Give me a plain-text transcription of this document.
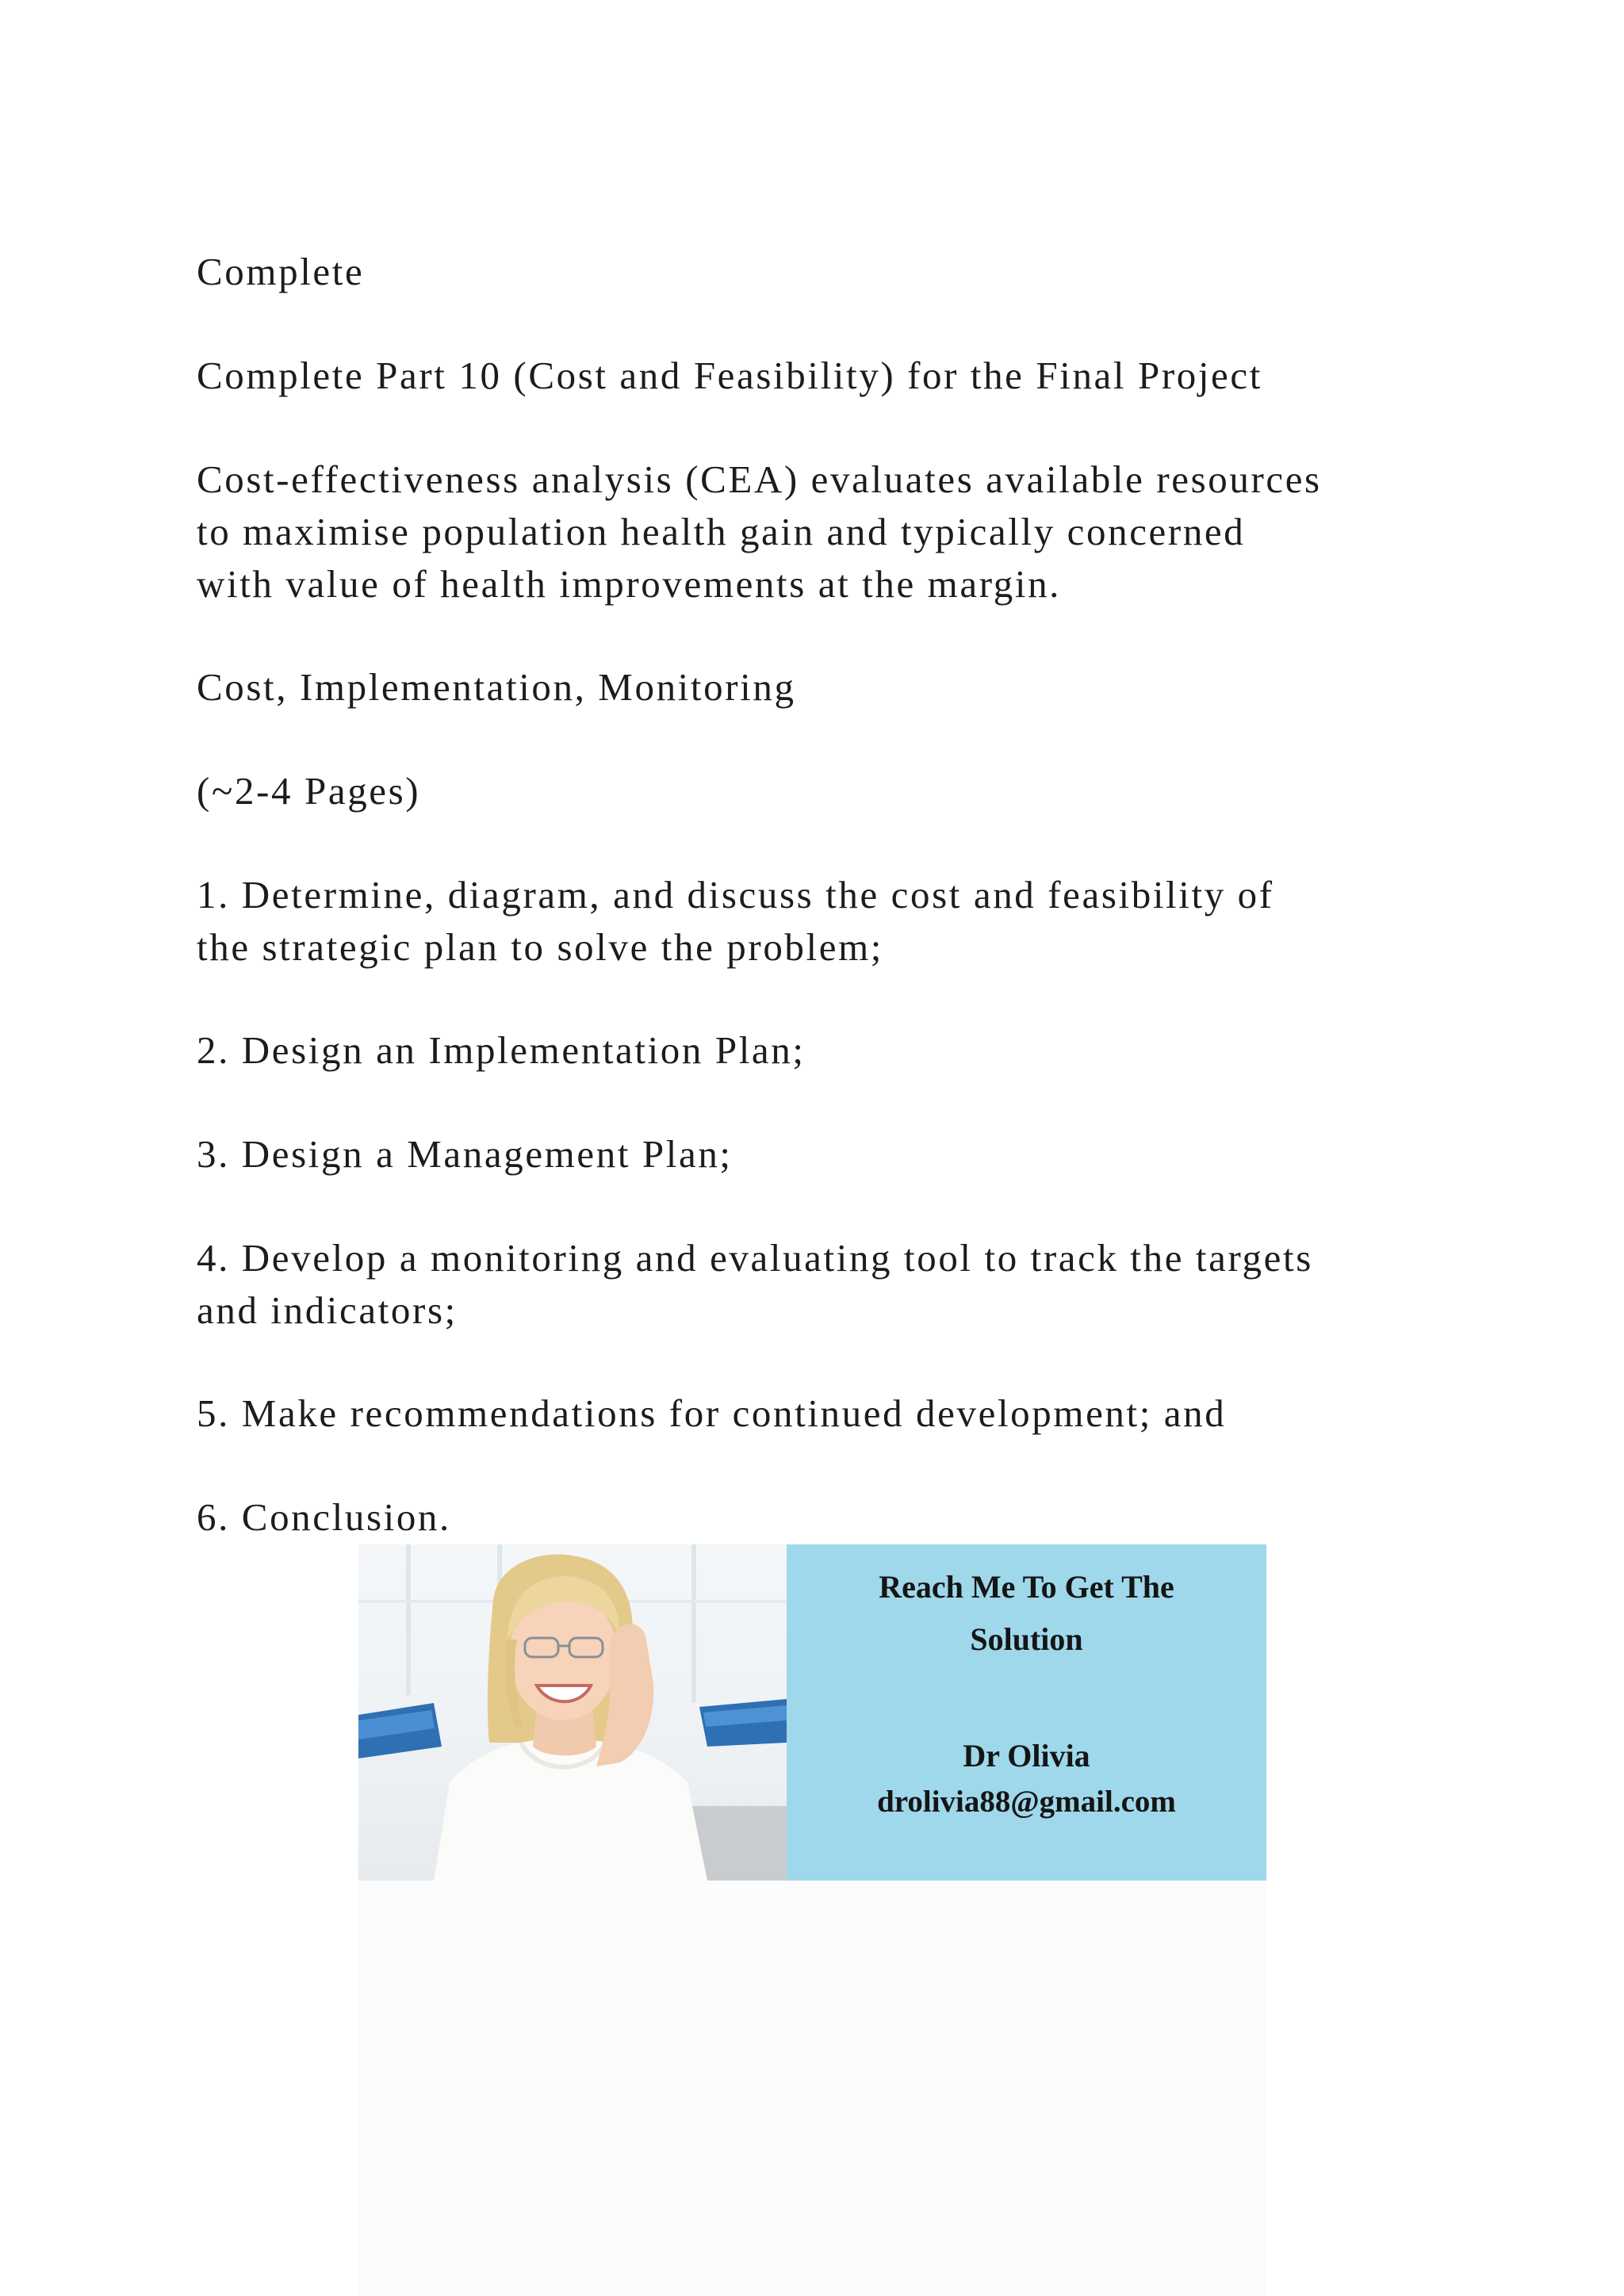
Complete

Complete Part 10 (Cost and Feasibility) for the Final Project

Cost-effectiveness analysis (CEA) evaluates available resources
to maximise population health gain and typically concerned
with value of health improvements at the margin.

Cost, Implementation, Monitoring

(~2-4 Pages)

1. Determine, diagram, and discuss the cost and feasibility of
the strategic plan to solve the problem;

2. Design an Implementation Plan;

3. Design a Management Plan;

4. Develop a monitoring and evaluating tool to track the targets
and indicators;

5. Make recommendations for continued development; and

6. Conclusion.

Reach Me To Get The

Solution

Dr Olivia

drolivia88@gmail.com
